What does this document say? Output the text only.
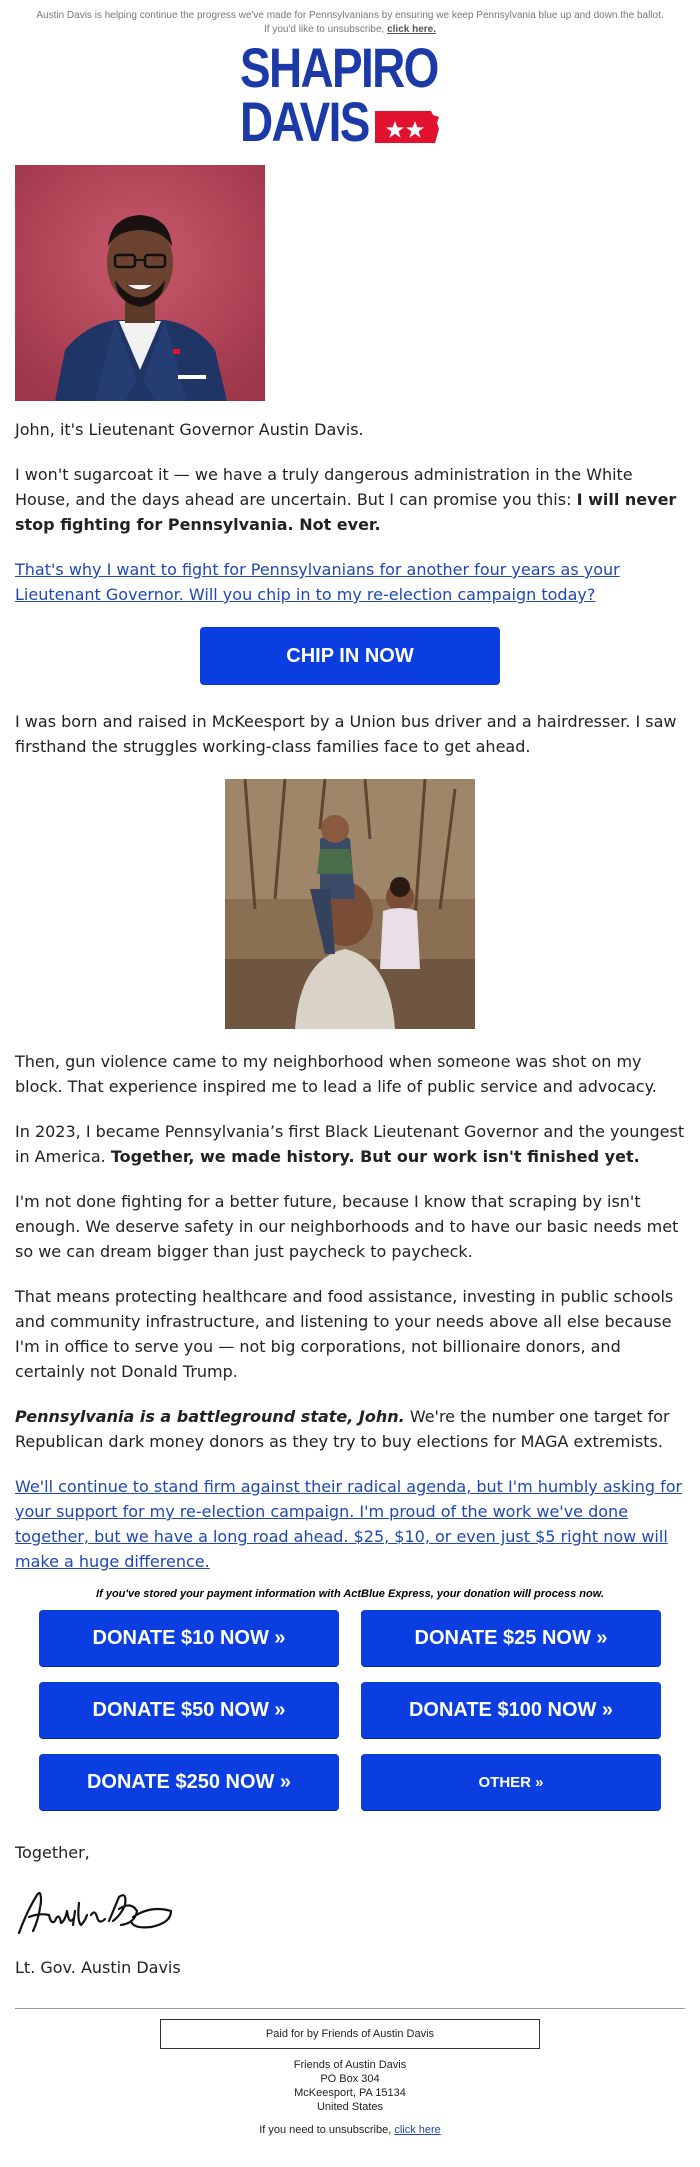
Austin Davis is helping continue the progress we've made for Pennsylvanians by ensuring we keep Pennsylvania blue up and down the ballot.
If you'd like to unsubscribe, click here.
SHAPIRO
DAVIS

John, it's Lieutenant Governor Austin Davis.

I won't sugarcoat it — we have a truly dangerous administration in the White House, and the days ahead are uncertain. But I can promise you this: I will never stop fighting for Pennsylvania. Not ever.

That's why I want to fight for Pennsylvanians for another four years as your Lieutenant Governor. Will you chip in to my re-election campaign today?

CHIP IN NOW

I was born and raised in McKeesport by a Union bus driver and a hairdresser. I saw firsthand the struggles working-class families face to get ahead.

Then, gun violence came to my neighborhood when someone was shot on my block. That experience inspired me to lead a life of public service and advocacy.

In 2023, I became Pennsylvania’s first Black Lieutenant Governor and the youngest in America. Together, we made history. But our work isn't finished yet.

I'm not done fighting for a better future, because I know that scraping by isn't enough. We deserve safety in our neighborhoods and to have our basic needs met so we can dream bigger than just paycheck to paycheck.

That means protecting healthcare and food assistance, investing in public schools and community infrastructure, and listening to your needs above all else because I'm in office to serve you — not big corporations, not billionaire donors, and certainly not Donald Trump.

Pennsylvania is a battleground state, John. We're the number one target for Republican dark money donors as they try to buy elections for MAGA extremists.

We'll continue to stand firm against their radical agenda, but I'm humbly asking for your support for my re-election campaign. I'm proud of the work we've done together, but we have a long road ahead. $25, $10, or even just $5 right now will make a huge difference.

If you've stored your payment information with ActBlue Express, your donation will process now.

DONATE $10 NOW »	DONATE $25 NOW »
DONATE $50 NOW »	DONATE $100 NOW »
DONATE $250 NOW »	OTHER »

Together,

Lt. Gov. Austin Davis

Paid for by Friends of Austin Davis
Friends of Austin Davis
PO Box 304
McKeesport, PA 15134
United States
If you need to unsubscribe, click here
